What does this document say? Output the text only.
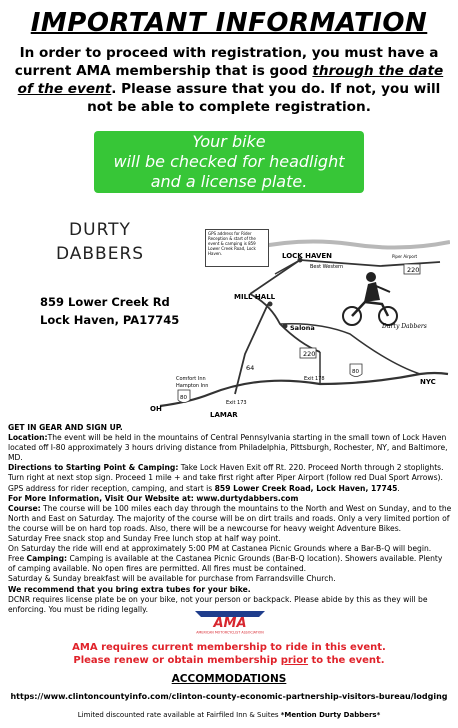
IMPORTANT INFORMATION
In order to proceed with registration, you must have a current AMA membership that is good through the date of the event. Please assure that you do. If not, you will not be able to complete registration.
Your bike
will be checked for headlight
and a license plate.
DURTY
DABBERS
859 Lower Creek Rd
Lock Haven, PA17745
LOCK HAVEN
Best Western
Piper Airport
220
MILL HALL
Salona
220
64
Durty Dabbers
Comfort Inn
Hampton Inn
80
80
Exit 178
Exit 173
OH
NYC
LAMAR
GPS address for Rider Reception & start of the event & camping is 859 Lower Creek Road, Lock Haven.

GET IN GEAR AND SIGN UP.

Location:The event will be held in the mountains of Central Pennsylvania starting in the small town of Lock Haven located off I-80 approximately 3 hours driving distance from Philadelphia, Pittsburgh, Rochester, NY, and Baltimore, MD.

Directions to Starting Point & Camping: Take Lock Haven Exit off Rt. 220. Proceed North through 2 stoplights. Turn right at next stop sign. Proceed 1 mile + and take first right after Piper Airport (follow red Dual Sport Arrows). GPS address for rider reception, camping, and start is 859 Lower Creek Road, Lock Haven, 17745.

For More Information, Visit Our Website at: www.durtydabbers.com

Course: The course will be 100 miles each day through the mountains to the North and West on Sunday, and to the North and East on Saturday. The majority of the course will be on dirt trails and roads. Only a very limited portion of the course will be on hard top roads. Also, there will be a newcourse for heavy weight Adventure Bikes.

Saturday Free snack stop and Sunday Free lunch stop at half way point.

On Saturday the ride will end at approximately 5:00 PM at Castanea Picnic Grounds where a Bar-B-Q will begin.

Free Camping: Camping is available at the Castanea Picnic Grounds (Bar-B-Q location). Showers available. Plenty of camping available. No open fires are permitted. All fires must be contained.

Saturday & Sunday breakfast will be available for purchase from Farrandsville Church.

We recommend that you bring extra tubes for your bike.

DCNR requires license plate be on your bike, not your person or backpack. Please abide by this as they will be enforcing. You must be riding legally.

AMA
AMERICAN MOTORCYCLIST ASSOCIATION
AMA requires current membership to ride in this event.
Please renew or obtain membership prior to the event.
ACCOMMODATIONS
https://www.clintoncountyinfo.com/clinton-county-economic-partnership-visitors-bureau/lodging
Limited discounted rate available at Fairfiled Inn & Suites *Mention Durty Dabbers*
